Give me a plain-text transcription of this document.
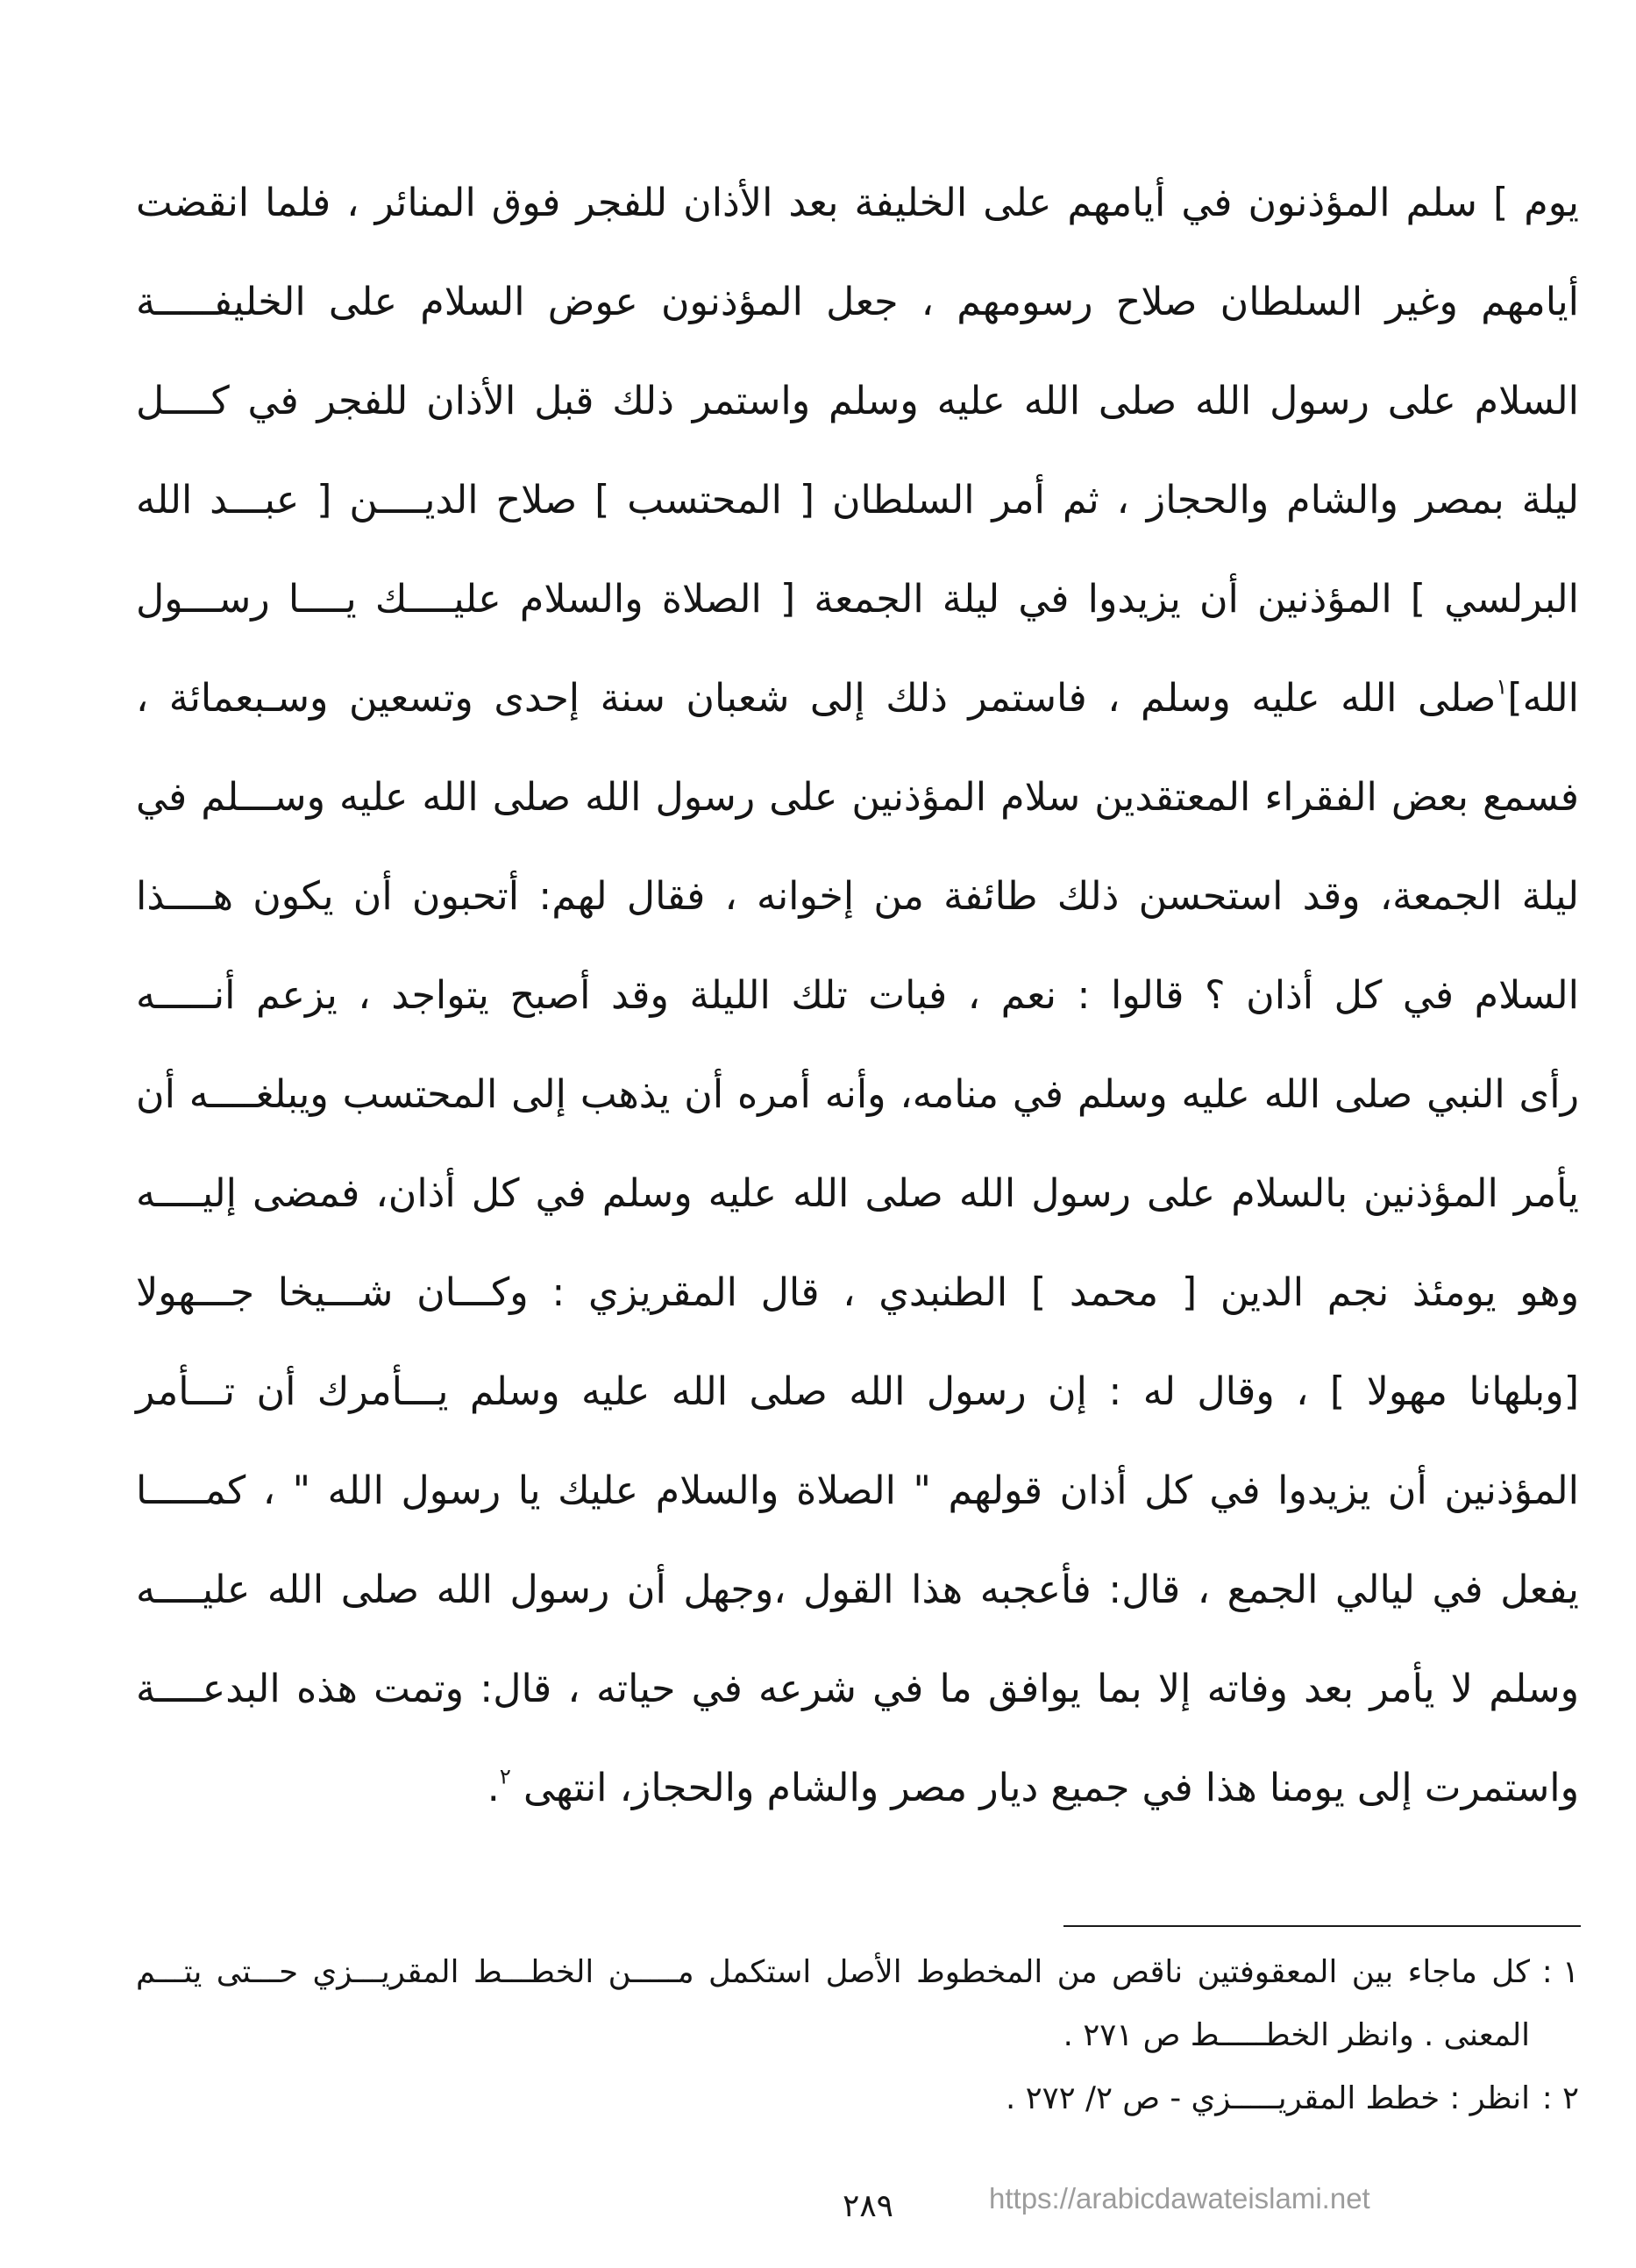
يوم ] سلم المؤذنون في أيامهم على الخليفة بعد الأذان للفجر فوق المنائر ، فلما انقضت
أيامهم وغير السلطان صلاح رسومهم ، جعل المؤذنون عوض السلام على الخليفـــــة
السلام على رسول الله صلى الله عليه وسلم واستمر ذلك قبل الأذان للفجر في كــــل
ليلة بمصر والشام والحجاز ، ثم أمر السلطان [ المحتسب ] صلاح الديــــن [ عبـــد الله
البرلسي ] المؤذنين أن يزيدوا في ليلة الجمعة [ الصلاة والسلام عليــــك يــــا رســـول
الله]$^١$صلى الله عليه وسلم ، فاستمر ذلك إلى شعبان سنة إحدى وتسعين وسـبعمائة ،
فسمع بعض الفقراء المعتقدين سلام المؤذنين على رسول الله صلى الله عليه وســـلم في
ليلة الجمعة، وقد استحسن ذلك طائفة من إخوانه ، فقال لهم: أتحبون أن يكون هــــذا
السلام في كل أذان ؟ قالوا : نعم ، فبات تلك الليلة وقد أصبح يتواجد ، يزعم أنـــــه
رأى النبي صلى الله عليه وسلم في منامه، وأنه أمره أن يذهب إلى المحتسب ويبلغــــه أن
يأمر المؤذنين بالسلام على رسول الله صلى الله عليه وسلم في كل أذان، فمضى إليــــه
وهو يومئذ نجم الدين [ محمد ] الطنبدي ، قال المقريزي : وكـــان شـــيخا جـــهولا
[وبلهانا مهولا ] ، وقال له : إن رسول الله صلى الله عليه وسلم يـــأمرك أن تـــأمر
المؤذنين أن يزيدوا في كل أذان قولهم " الصلاة والسلام عليك يا رسول الله " ، كمـــــا
يفعل في ليالي الجمع ، قال: فأعجبه هذا القول ،وجهل أن رسول الله صلى الله عليــــه
وسلم لا يأمر بعد وفاته إلا بما يوافق ما في شرعه في حياته ، قال: وتمت هذه البدعــــة
واستمرت إلى يومنا هذا في جميع ديار مصر والشام والحجاز، انتهى $^٢$.
١ :
كل ماجاء بين المعقوفتين ناقص من المخطوط الأصل استكمل مـــــن الخطـــط المقريـــزي حـــتى يتـــم
المعنى . وانظر الخطـــــط ص ٢٧١ .
٢ :
انظر : خطط المقريـــــزي - ص ٢/ ٢٧٢ .
٢٨٩	https://arabicdawateislami.net
